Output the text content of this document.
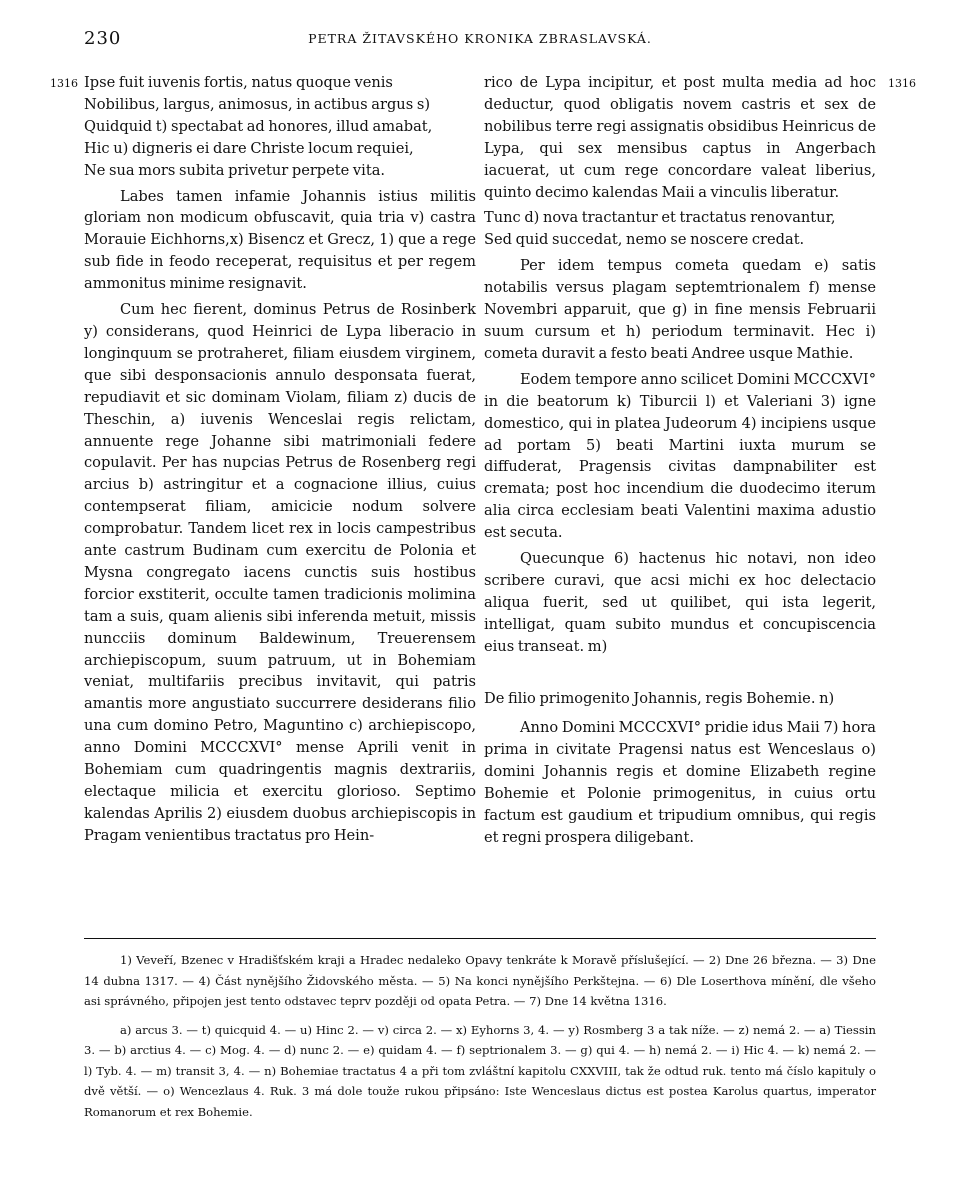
230	PETRA ŽITAVSKÉHO KRONIKA ZBRASLAVSKÁ.
1316	1316
Ipse fuit iuvenis fortis, natus quoque venis
Nobilibus, largus, animosus, in actibus argus s)
Quidquid t) spectabat ad honores, illud amabat,
Hic u) digneris ei dare Christe locum requiei,
Ne sua mors subita privetur perpete vita.

Labes tamen infamie Johannis istius militis gloriam non modicum obfuscavit, quia tria v) castra Morauie Eichhorns,x) Bisencz et Grecz, 1) que a rege sub fide in feodo receperat, requisitus et per regem ammonitus minime resignavit.

Cum hec fierent, dominus Petrus de Rosinberk y) considerans, quod Heinrici de Lypa liberacio in longinquum se protraheret, filiam eiusdem virginem, que sibi desponsacionis annulo desponsata fuerat, repudiavit et sic dominam Violam, filiam z) ducis de Theschin, a) iuvenis Wenceslai regis relictam, annuente rege Johanne sibi matrimoniali federe copulavit. Per has nupcias Petrus de Rosenberg regi arcius b) astringitur et a cognacione illius, cuius contempserat filiam, amicicie nodum solvere comprobatur. Tandem licet rex in locis campestribus ante castrum Budinam cum exercitu de Polonia et Mysna congregato iacens cunctis suis hostibus forcior exstiterit, occulte tamen tradicionis molimina tam a suis, quam alienis sibi inferenda metuit, missis nuncciis dominum Baldewinum, Treuerensem archiepiscopum, suum patruum, ut in Bohemiam veniat, multifariis precibus invitavit, qui patris amantis more angustiato succurrere desiderans filio una cum domino Petro, Maguntino c) archiepiscopo, anno Domini MCCCXVI° mense Aprili venit in Bohemiam cum quadringentis magnis dextrariis, electaque milicia et exercitu glorioso. Septimo kalendas Aprilis 2) eiusdem duobus archiepiscopis in Pragam venientibus tractatus pro Hein-

rico de Lypa incipitur, et post multa media ad hoc deductur, quod obligatis novem castris et sex de nobilibus terre regi assignatis obsidibus Heinricus de Lypa, qui sex mensibus captus in Angerbach iacuerat, ut cum rege concordare valeat liberius, quinto decimo kalendas Maii a vinculis liberatur.

Tunc d) nova tractantur et tractatus renovantur,
Sed quid succedat, nemo se noscere credat.

Per idem tempus cometa quedam e) satis notabilis versus plagam septemtrionalem f) mense Novembri apparuit, que g) in fine mensis Februarii suum cursum et h) periodum terminavit. Hec i) cometa duravit a festo beati Andree usque Mathie.

Eodem tempore anno scilicet Domini MCCCXVI° in die beatorum k) Tiburcii l) et Valeriani 3) igne domestico, qui in platea Judeorum 4) incipiens usque ad portam 5) beati Martini iuxta murum se diffuderat, Pragensis civitas dampnabiliter est cremata; post hoc incendium die duodecimo iterum alia circa ecclesiam beati Valentini maxima adustio est secuta.

Quecunque 6) hactenus hic notavi, non ideo scribere curavi, que acsi michi ex hoc delectacio aliqua fuerit, sed ut quilibet, qui ista legerit, intelligat, quam subito mundus et concupiscencia eius transeat. m)

De filio primogenito Johannis, regis Bohemie. n)

Anno Domini MCCCXVI° pridie idus Maii 7) hora prima in civitate Pragensi natus est Wenceslaus o) domini Johannis regis et domine Elizabeth regine Bohemie et Polonie primogenitus, in cuius ortu factum est gaudium et tripudium omnibus, qui regis et regni prospera diligebant.

1) Veveří, Bzenec v Hradišťském kraji a Hradec nedaleko Opavy tenkráte k Moravě příslušející. — 2) Dne 26 března. — 3) Dne 14 dubna 1317. — 4) Část nynějšího Židovského města. — 5) Na konci nynějšího Perkštejna. — 6) Dle Loserthova mínění, dle všeho asi správného, připojen jest tento odstavec teprv později od opata Petra. — 7) Dne 14 května 1316.

a) arcus 3. — t) quicquid 4. — u) Hinc 2. — v) circa 2. — x) Eyhorns 3, 4. — y) Rosmberg 3 a tak níže. — z) nemá 2. — a) Tiessin 3. — b) arctius 4. — c) Mog. 4. — d) nunc 2. — e) quidam 4. — f) septrionalem 3. — g) qui 4. — h) nemá 2. — i) Hic 4. — k) nemá 2. — l) Tyb. 4. — m) transit 3, 4. — n) Bohemiae tractatus 4 a při tom zvláštní kapitolu CXXVIII, tak že odtud ruk. tento má číslo kapituly o dvě větší. — o) Wencezlaus 4. Ruk. 3 má dole touže rukou připsáno: Iste Wenceslaus dictus est postea Karolus quartus, imperator Romanorum et rex Bohemie.
